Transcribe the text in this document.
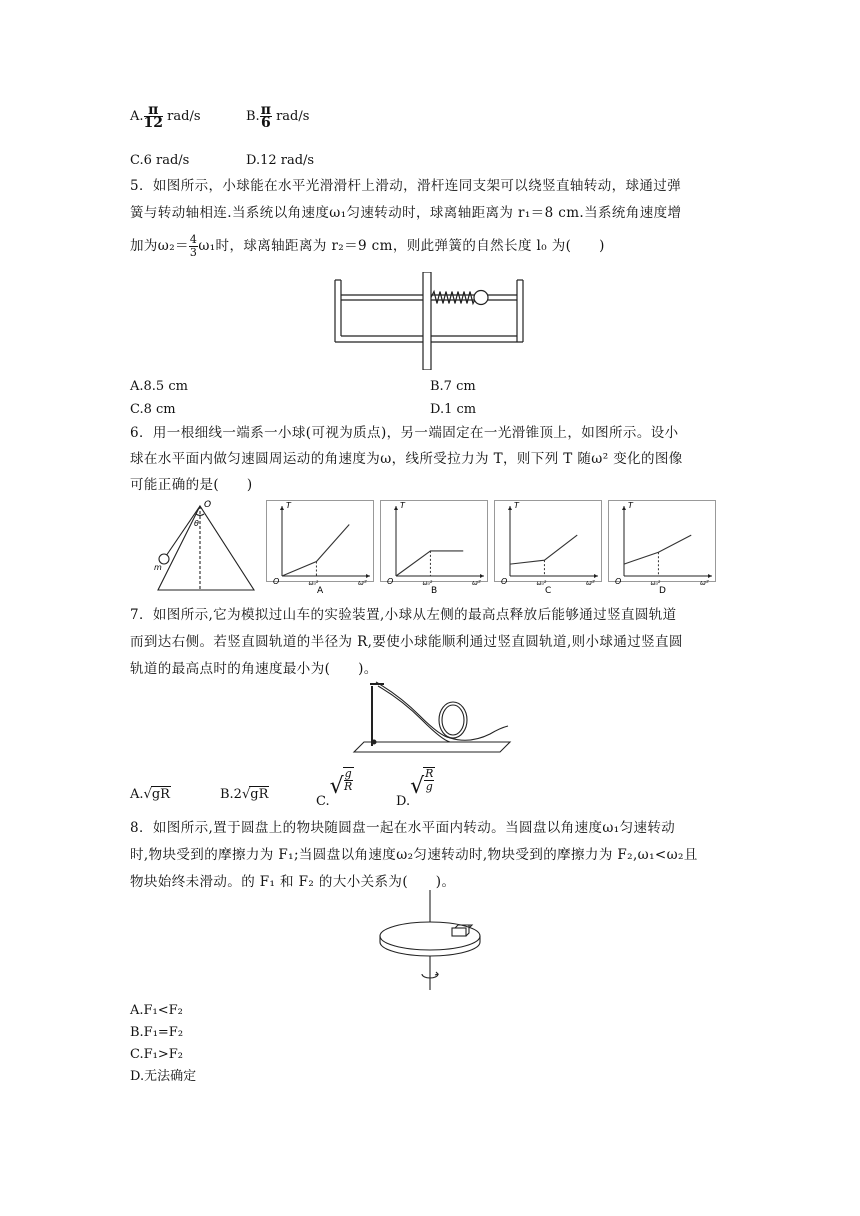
A. $\frac{\pi}{12} rad/s$	B. $\frac{\pi}{6} rad/s$
C.6 rad/s	D.12 rad/s
5．如图所示，小球能在水平光滑滑杆上滑动，滑杆连同支架可以绕竖直轴转动，球通过弹
簧与转动轴相连.当系统以角速度ω₁匀速转动时，球离轴距离为 r₁＝8 cm.当系统角速度增
加为$\omega_2= \frac{4}{3} \omega_1$时，球离轴距离为 r₂＝9 cm，则此弹簧的自然长度 l₀ 为(　　)
A.8.5 cm	B.7 cm
C.8 cm	D.1 cm
6．用一根细线一端系一小球(可视为质点)，另一端固定在一光滑锥顶上，如图所示。设小
球在水平面内做匀速圆周运动的角速度为ω，线所受拉力为 T，则下列 T 随ω² 变化的图像
可能正确的是(　　)
O
θ
m
T
O	ω²
ω₀²
A
T
O	ω²
ω₀²
B
T
O	ω²
ω₀²
C
T
O	ω²
ω₀²
D
7．如图所示,它为模拟过山车的实验装置,小球从左侧的最高点释放后能够通过竖直圆轨道
而到达右侧。若竖直圆轨道的半径为 R,要使小球能顺利通过竖直圆轨道,则小球通过竖直圆
轨道的最高点时的角速度最小为(　　)。
A.√gR	B.2√gR	$C.√ \frac{g}{R}$
$D.√ \frac{R}{g}$
8．如图所示,置于圆盘上的物块随圆盘一起在水平面内转动。当圆盘以角速度ω₁匀速转动
时,物块受到的摩擦力为 F₁;当圆盘以角速度ω₂匀速转动时,物块受到的摩擦力为 F₂,ω₁<ω₂且
物块始终未滑动。的 F₁ 和 F₂ 的大小关系为(　　)。
A.F₁<F₂
B.F₁=F₂
C.F₁>F₂
D.无法确定
